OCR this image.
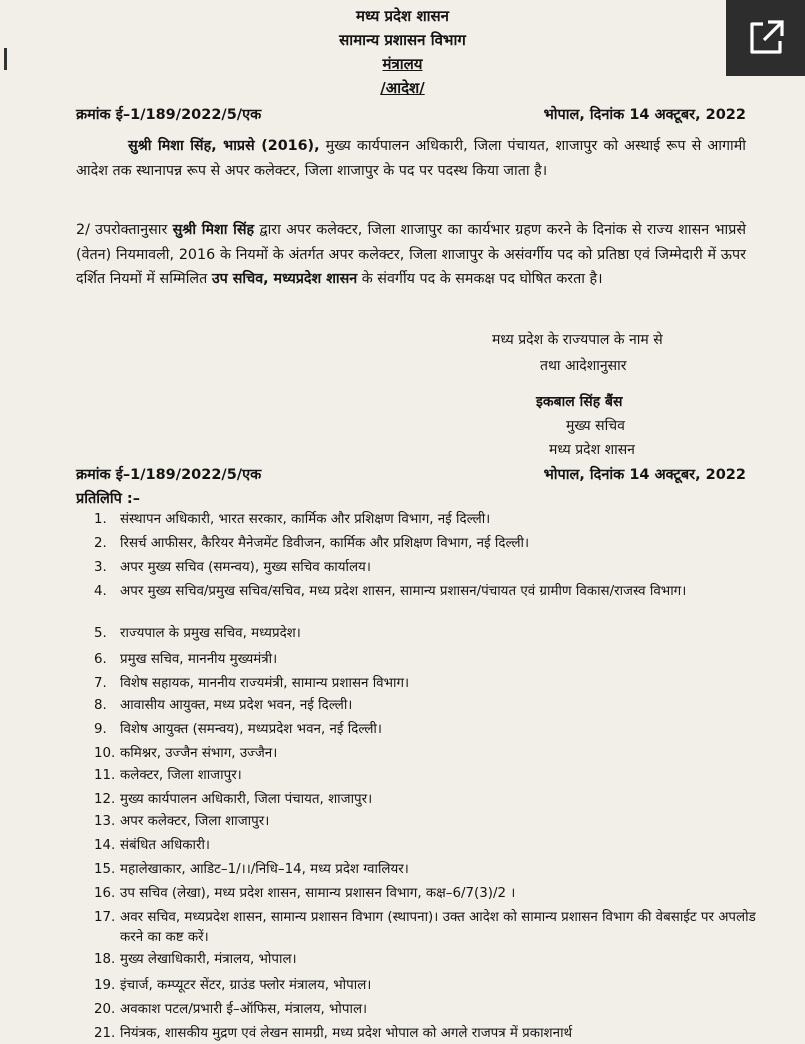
मध्य प्रदेश शासन
सामान्य प्रशासन विभाग
मंत्रालय
/आदेश/
क्रमांक ई–1/189/2022/5/एक	भोपाल, दिनांक 14 अक्टूबर, 2022
सुश्री मिशा सिंह, भाप्रसे (2016), मुख्य कार्यपालन अधिकारी, जिला पंचायत, शाजापुर को अस्थाई रूप से आगामी आदेश तक स्थानापन्न रूप से अपर कलेक्टर, जिला शाजापुर के पद पर पदस्थ किया जाता है।
2/ उपरोक्तानुसार सुश्री मिशा सिंह द्वारा अपर कलेक्टर, जिला शाजापुर का कार्यभार ग्रहण करने के दिनांक से राज्य शासन भाप्रसे (वेतन) नियमावली, 2016 के नियमों के अंतर्गत अपर कलेक्टर, जिला शाजापुर के असंवर्गीय पद को प्रतिष्ठा एवं जिम्मेदारी में ऊपर दर्शित नियमों में सम्मिलित उप सचिव, मध्यप्रदेश शासन के संवर्गीय पद के समकक्ष पद घोषित करता है।
मध्य प्रदेश के राज्यपाल के नाम से
तथा आदेशानुसार
इकबाल सिंह बैंस
मुख्य सचिव
मध्य प्रदेश शासन
क्रमांक ई–1/189/2022/5/एक	भोपाल, दिनांक 14 अक्टूबर, 2022
प्रतिलिपि :–
1. संस्थापन अधिकारी, भारत सरकार, कार्मिक और प्रशिक्षण विभाग, नई दिल्ली।
2. रिसर्च आफीसर, कैरियर मैनेजमेंट डिवीजन, कार्मिक और प्रशिक्षण विभाग, नई दिल्ली।
3. अपर मुख्य सचिव (समन्वय), मुख्य सचिव कार्यालय।
4. अपर मुख्य सचिव/प्रमुख सचिव/सचिव, मध्य प्रदेश शासन, सामान्य प्रशासन/पंचायत एवं ग्रामीण विकास/राजस्व विभाग।
5. राज्यपाल के प्रमुख सचिव, मध्यप्रदेश।
6. प्रमुख सचिव, माननीय मुख्यमंत्री।
7. विशेष सहायक, माननीय राज्यमंत्री, सामान्य प्रशासन विभाग।
8. आवासीय आयुक्त, मध्य प्रदेश भवन, नई दिल्ली।
9. विशेष आयुक्त (समन्वय), मध्यप्रदेश भवन, नई दिल्ली।
10. कमिश्नर, उज्जैन संभाग, उज्जैन।
11. कलेक्टर, जिला शाजापुर।
12. मुख्य कार्यपालन अधिकारी, जिला पंचायत, शाजापुर।
13. अपर कलेक्टर, जिला शाजापुर।
14. संबंधित अधिकारी।
15. महालेखाकार, आडिट–1/।।/निधि–14, मध्य प्रदेश ग्वालियर।
16. उप सचिव (लेखा), मध्य प्रदेश शासन, सामान्य प्रशासन विभाग, कक्ष–6/7(3)/2 ।
17. अवर सचिव, मध्यप्रदेश शासन, सामान्य प्रशासन विभाग (स्थापना)। उक्त आदेश को सामान्य प्रशासन विभाग की वेबसाईट पर अपलोड करने का कष्ट करें।
18. मुख्य लेखाधिकारी, मंत्रालय, भोपाल।
19. इंचार्ज, कम्प्यूटर सेंटर, ग्राउंड फ्लोर मंत्रालय, भोपाल।
20. अवकाश पटल/प्रभारी ई–ऑफिस, मंत्रालय, भोपाल।
21. नियंत्रक, शासकीय मुद्रण एवं लेखन सामग्री, मध्य प्रदेश भोपाल को अगले राजपत्र में प्रकाशनार्थ
